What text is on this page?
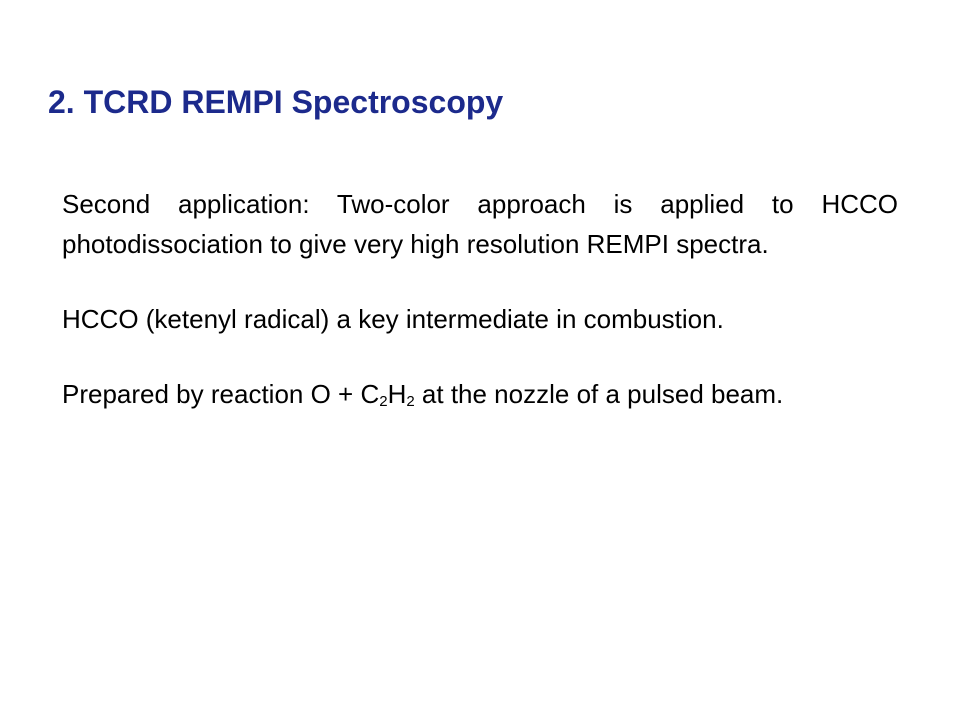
2. TCRD REMPI Spectroscopy

Second application: Two-color approach is applied to HCCO photodissociation to give very high resolution REMPI spectra.

HCCO (ketenyl radical) a key intermediate in combustion.

Prepared by reaction $O + C_2H_2$ at the nozzle of a pulsed beam.
